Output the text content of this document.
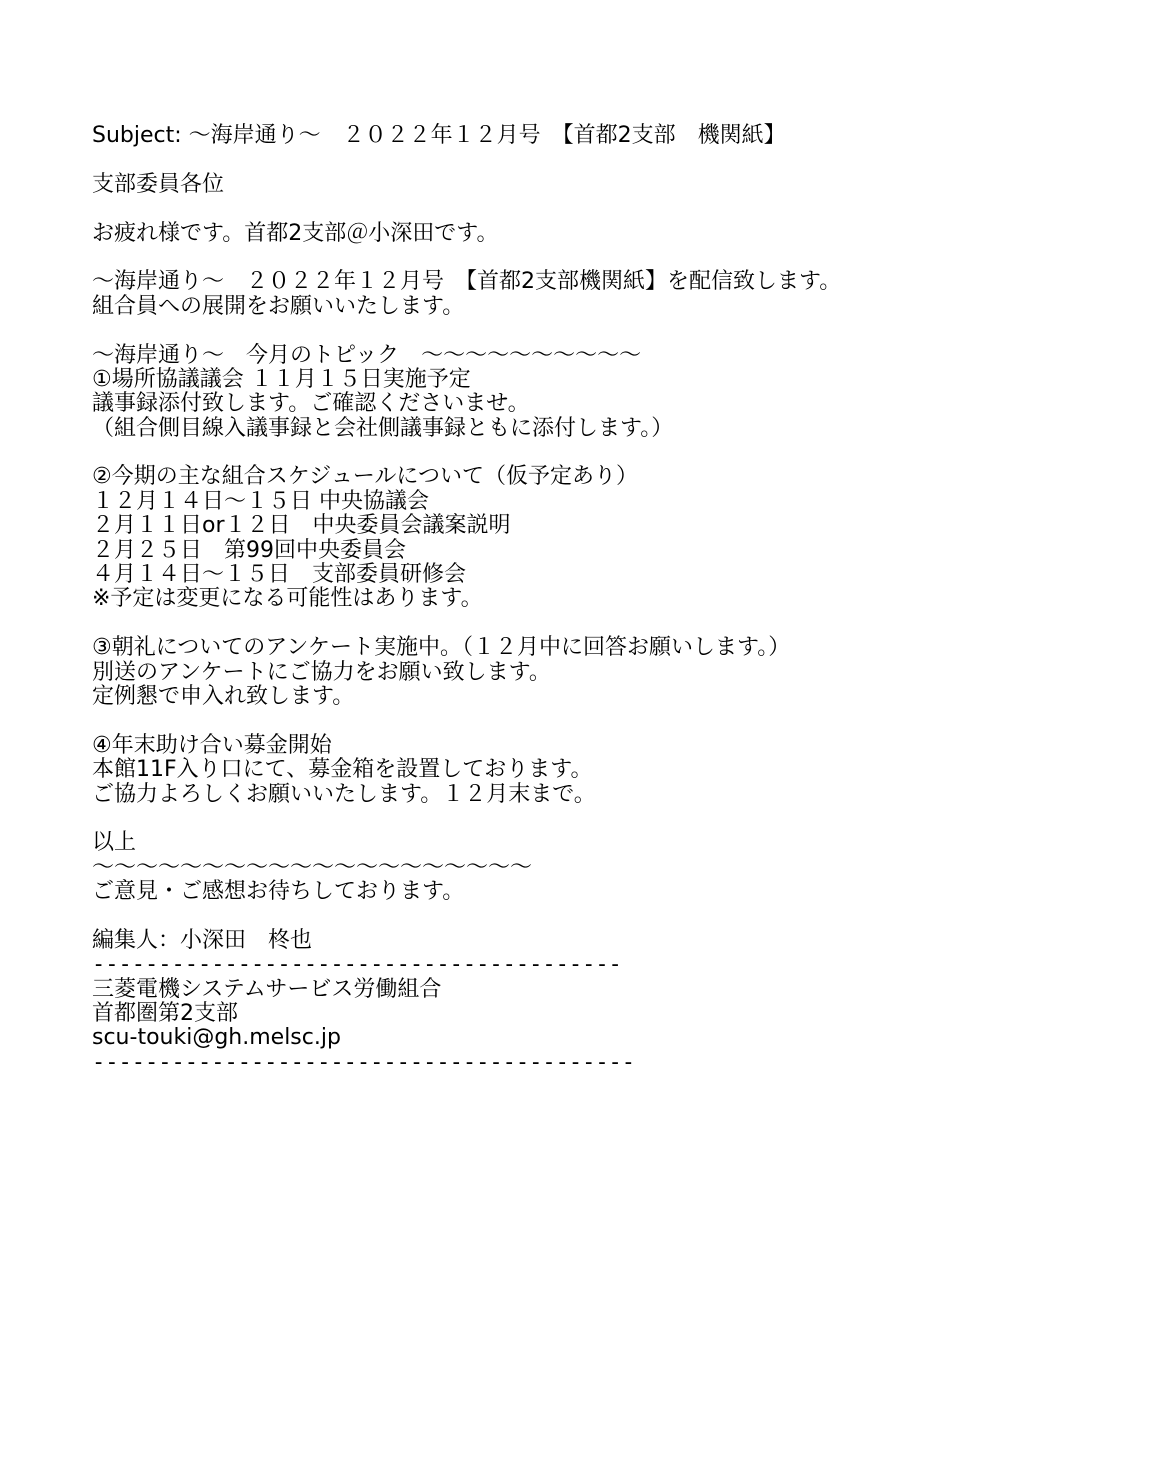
Subject: ～海岸通り～　２０２２年１２月号　【首都2支部　機関紙】
支部委員各位
お疲れ様です。首都2支部＠小深田です。
～海岸通り～　２０２２年１２月号　【首都2支部機関紙】を配信致します。
組合員への展開をお願いいたします。
～海岸通り～　今月のトピック　～～～～～～～～～～
①場所協議議会 １１月１５日実施予定
議事録添付致します。ご確認くださいませ。
（組合側目線入議事録と会社側議事録ともに添付します。）
②今期の主な組合スケジュールについて（仮予定あり）
１２月１４日～１５日 中央協議会
２月１１日or１２日　中央委員会議案説明
２月２５日　第99回中央委員会
４月１４日～１５日　支部委員研修会
※予定は変更になる可能性はあります。
③朝礼についてのアンケート実施中。（１２月中に回答お願いします。）
別送のアンケートにご協力をお願い致します。
定例懇で申入れ致します。
④年末助け合い募金開始
本館11F入り口にて、募金箱を設置しております。
ご協力よろしくお願いいたします。１２月末まで。
以上
～～～～～～～～～～～～～～～～～～～～
ご意見・ご感想お待ちしております。
編集人：小深田　柊也
----------------------------------------
三菱電機システムサービス労働組合
首都圏第2支部
scu-touki@gh.melsc.jp
-----------------------------------------
